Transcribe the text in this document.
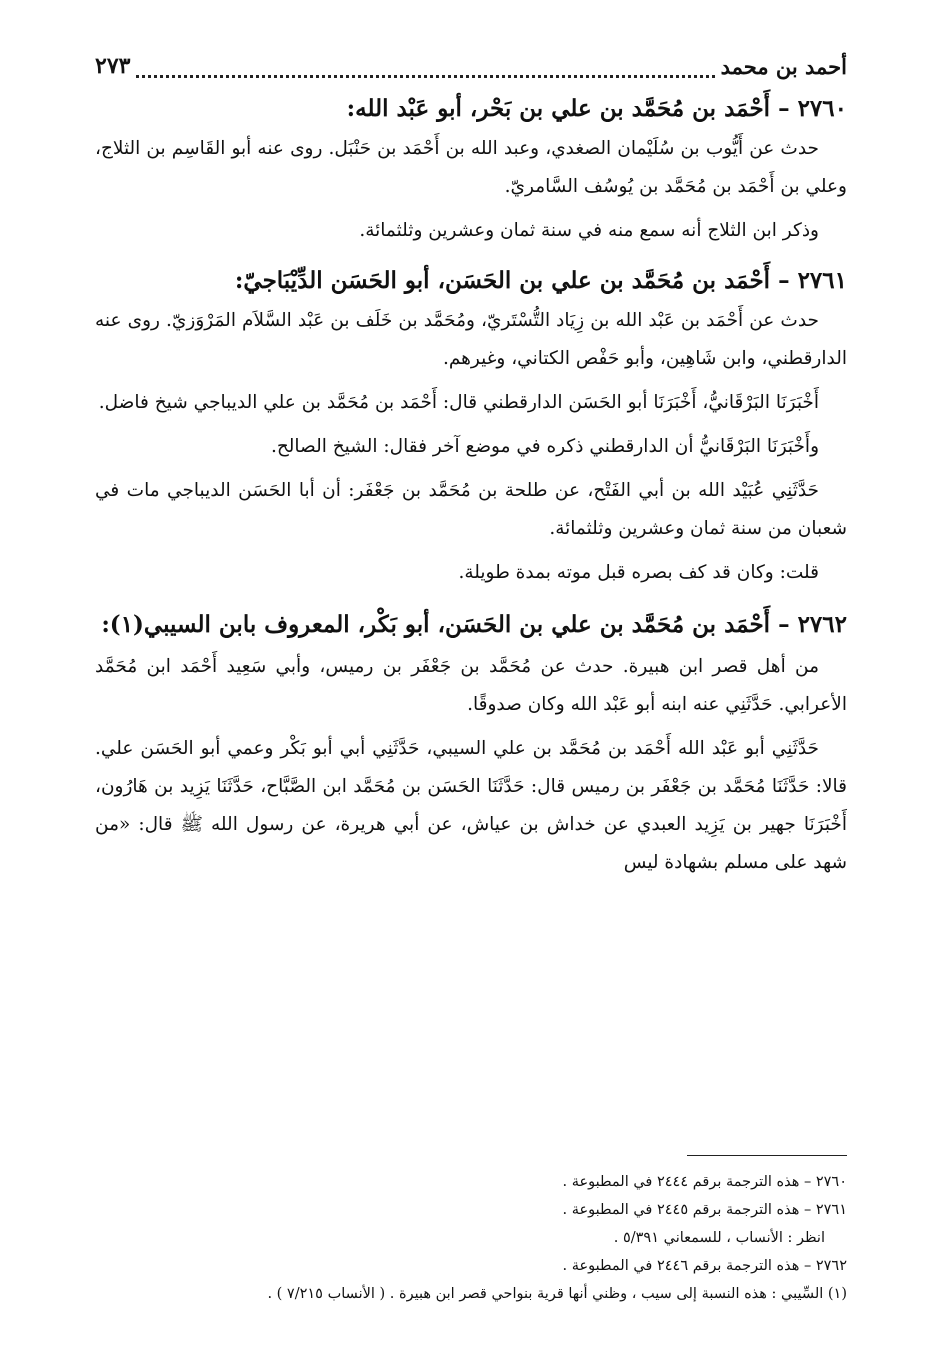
أحمد بن محمد
٢٧٣

٢٧٦٠ – أَحْمَد بن مُحَمَّد بن علي بن بَحْر، أبو عَبْد الله:

حدث عن أَيُّوب بن سُلَيْمان الصغدي، وعبد الله بن أَحْمَد بن حَنْبَل. روى عنه أبو القَاسِم بن الثلاج، وعلي بن أَحْمَد بن مُحَمَّد بن يُوسُف السَّامريّ.

وذكر ابن الثلاج أنه سمع منه في سنة ثمان وعشرين وثلثمائة.

٢٧٦١ – أَحْمَد بن مُحَمَّد بن علي بن الحَسَن، أبو الحَسَن الدِّيْبَاجيّ:

حدث عن أَحْمَد بن عَبْد الله بن زِيَاد التُّسْتَريّ، ومُحَمَّد بن خَلَف بن عَبْد السَّلاَم المَرْوَزيّ. روى عنه الدارقطني، وابن شَاهِين، وأبو حَفْص الكتاني، وغيرهم.

أَخْبَرَنَا البَرْقَانيُّ، أَخْبَرَنَا أبو الحَسَن الدارقطني قال: أَحْمَد بن مُحَمَّد بن علي الديباجي شيخ فاضل.

وأَخْبَرَنَا البَرْقَانيُّ أن الدارقطني ذكره في موضع آخر فقال: الشيخ الصالح.

حَدَّثَنِي عُبَيْد الله بن أبي الفَتْح، عن طلحة بن مُحَمَّد بن جَعْفَر: أن أبا الحَسَن الديباجي مات في شعبان من سنة ثمان وعشرين وثلثمائة.

قلت: وكان قد كف بصره قبل موته بمدة طويلة.

٢٧٦٢ – أَحْمَد بن مُحَمَّد بن علي بن الحَسَن، أبو بَكْر، المعروف بابن السيبي(١):

من أهل قصر ابن هبيرة. حدث عن مُحَمَّد بن جَعْفَر بن رميس، وأبي سَعِيد أَحْمَد ابن مُحَمَّد الأعرابي. حَدَّثَنِي عنه ابنه أبو عَبْد الله وكان صدوقًا.

حَدَّثَنِي أبو عَبْد الله أَحْمَد بن مُحَمَّد بن علي السيبي، حَدَّثَنِي أبي أبو بَكْر وعمي أبو الحَسَن علي. قالا: حَدَّثَنَا مُحَمَّد بن جَعْفَر بن رميس قال: حَدَّثَنَا الحَسَن بن مُحَمَّد ابن الصَّبَّاح، حَدَّثَنَا يَزِيد بن هَارُون، أَخْبَرَنَا جهير بن يَزِيد العبدي عن خداش بن عياش، عن أبي هريرة، عن رسول الله ﷺ قال: «من شهد على مسلم بشهادة ليس

٢٧٦٠ – هذه الترجمة برقم ٢٤٤٤ في المطبوعة .

٢٧٦١ – هذه الترجمة برقم ٢٤٤٥ في المطبوعة .

انظر : الأنساب ، للسمعاني ٥/٣٩١ .

٢٧٦٢ – هذه الترجمة برقم ٢٤٤٦ في المطبوعة .

(١) السِّيبي : هذه النسبة إلى سيب ، وظني أنها قرية بنواحي قصر ابن هبيرة . ( الأنساب ٧/٢١٥ ) .
